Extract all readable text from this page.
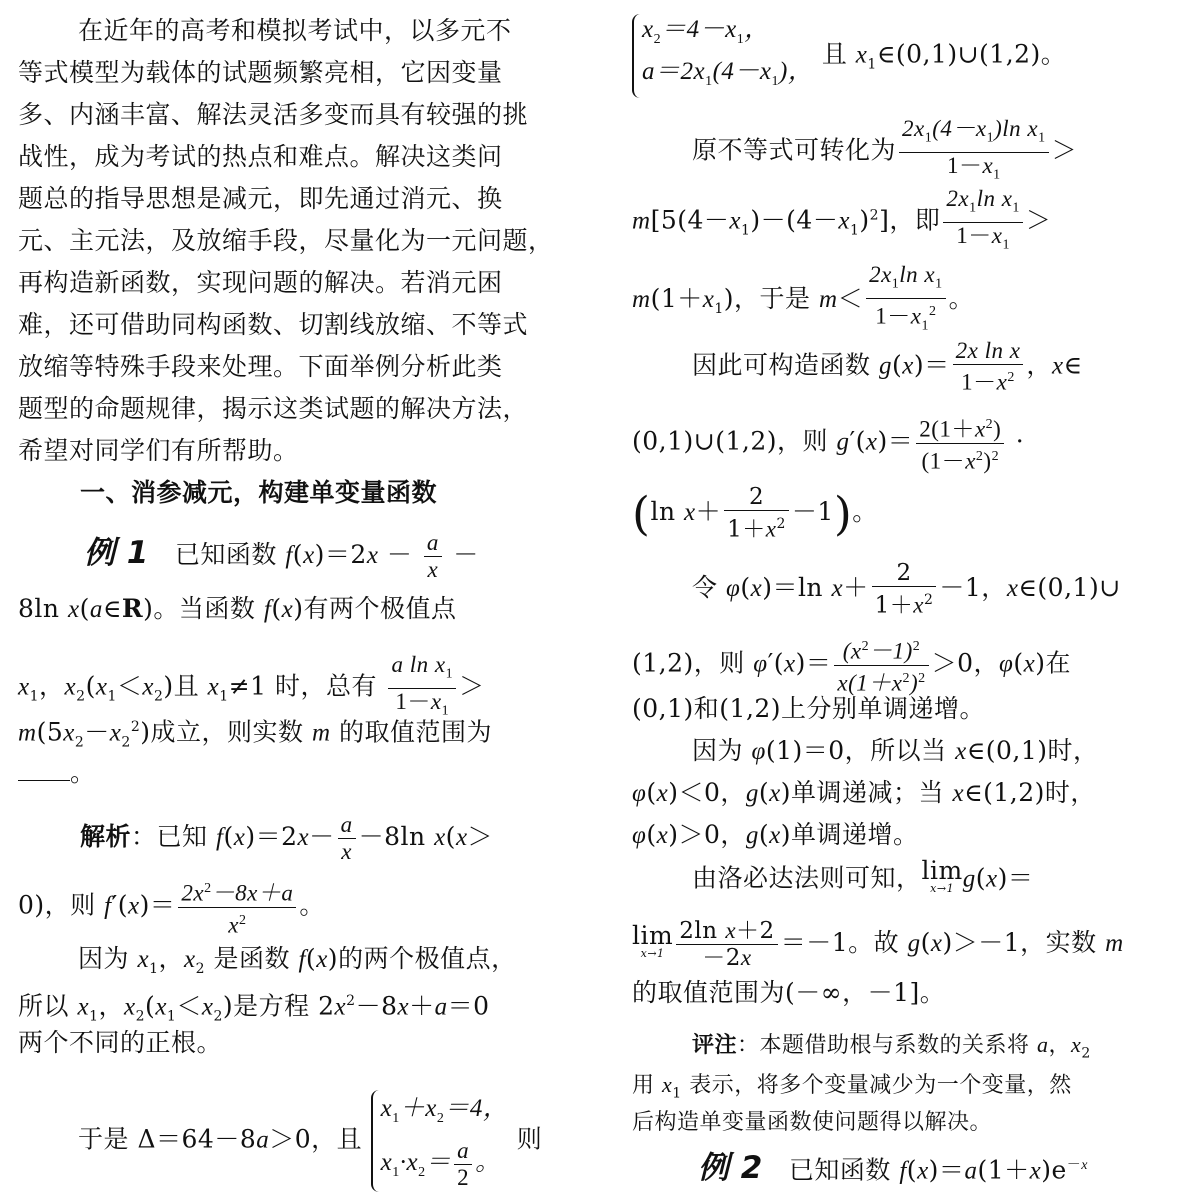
在近年的高考和模拟考试中，以多元不
等式模型为载体的试题频繁亮相，它因变量
多、内涵丰富、解法灵活多变而具有较强的挑
战性，成为考试的热点和难点。解决这类问
题总的指导思想是减元，即先通过消元、换
元、主元法，及放缩手段，尽量化为一元问题，
再构造新函数，实现问题的解决。若消元困
难，还可借助同构函数、切割线放缩、不等式
放缩等特殊手段来处理。下面举例分析此类
题型的命题规律，揭示这类试题的解决方法，
希望对同学们有所帮助。
一、消参减元，构建单变量函数
例 1 已知函数 $f(x)=2x - \frac{a}{x}$ －
8ln x(a∈R)。当函数 f(x)有两个极值点
$x_1$，$x_2(x_1<x_2)$且 $x_1\ne 1$ 时，总有 $\frac{a \ln x_1}{1-x_1}$ ＞
$m(5x_2-x_2^2)$成立，则实数 m 的取值范围为
。
解析：已知 $f(x)=2x- \frac{a}{x} -8\ln$ x(x＞
0)，则 $f'(x)= \frac{2x^2-8x+a}{x^2}$ 。
因为 $x_1$，$x_2$ 是函数 f(x)的两个极值点，
所以 $x_1$，$x_2(x_1<x_2)$是方程 $2x^2-8x+a=0$
两个不同的正根。
于是 Δ＝64－8a＞0，且
$x_1+x_2=4$，
$x_1\cdot x_2= \frac{a}{2}$ 。
则
$x_2=4-x_1$，
$a=2x_1(4-x_1)$，
且 $x_1\in(0,1)\cup(1,2)$。
原不等式可转化为 $\frac{2x_1(4-x_1)\ln x_1}{1-x_1}$ ＞
$m[5(4-x_1)-(4-x_1)^2]$，即 $\frac{2x_1\ln x_1}{1-x_1}$ ＞
$m(1+x_1)$，于是 $m< \frac{2x_1\ln x_1}{1-x_1^2}$ 。
因此可构造函数 $g(x)= \frac{\text{2x ln x}}{1-x^2}$ ，x∈
(0,1)∪(1,2)，则 $g'(x)= \frac{2(1+x^2)}{(1-x^2)^2}$ ·
(ln $x+ \frac{2}{1+x^2} -1$)。
令 φ(x)＝ln $x+ \frac{2}{1+x^2} -1$，x∈(0,1)∪
(1,2)，则 $\varphi'(x)= \frac{(x^2-1)^2}{x(1+x^2)^2} >0$，φ(x)在
(0,1)和(1,2)上分别单调递增。
因为 φ(1)＝0，所以当 x∈(0,1)时，
φ(x)＜0，g(x)单调递减；当 x∈(1,2)时，
φ(x)＞0，g(x)单调递增。
由洛必达法则可知，lim
x→1 g(x)＝
lim
$x\to 1 \frac{\text{2ln x＋2}}{-2x} =-1$。故 g(x)＞－1，实数 m
的取值范围为(－∞，－1]。
评注：本题借助根与系数的关系将 a，$x_2$
用 $x_1$ 表示，将多个变量减少为一个变量，然
后构造单变量函数使问题得以解决。
例 2 已知函数 $f(x)=a(1+x)e^{-x}$
